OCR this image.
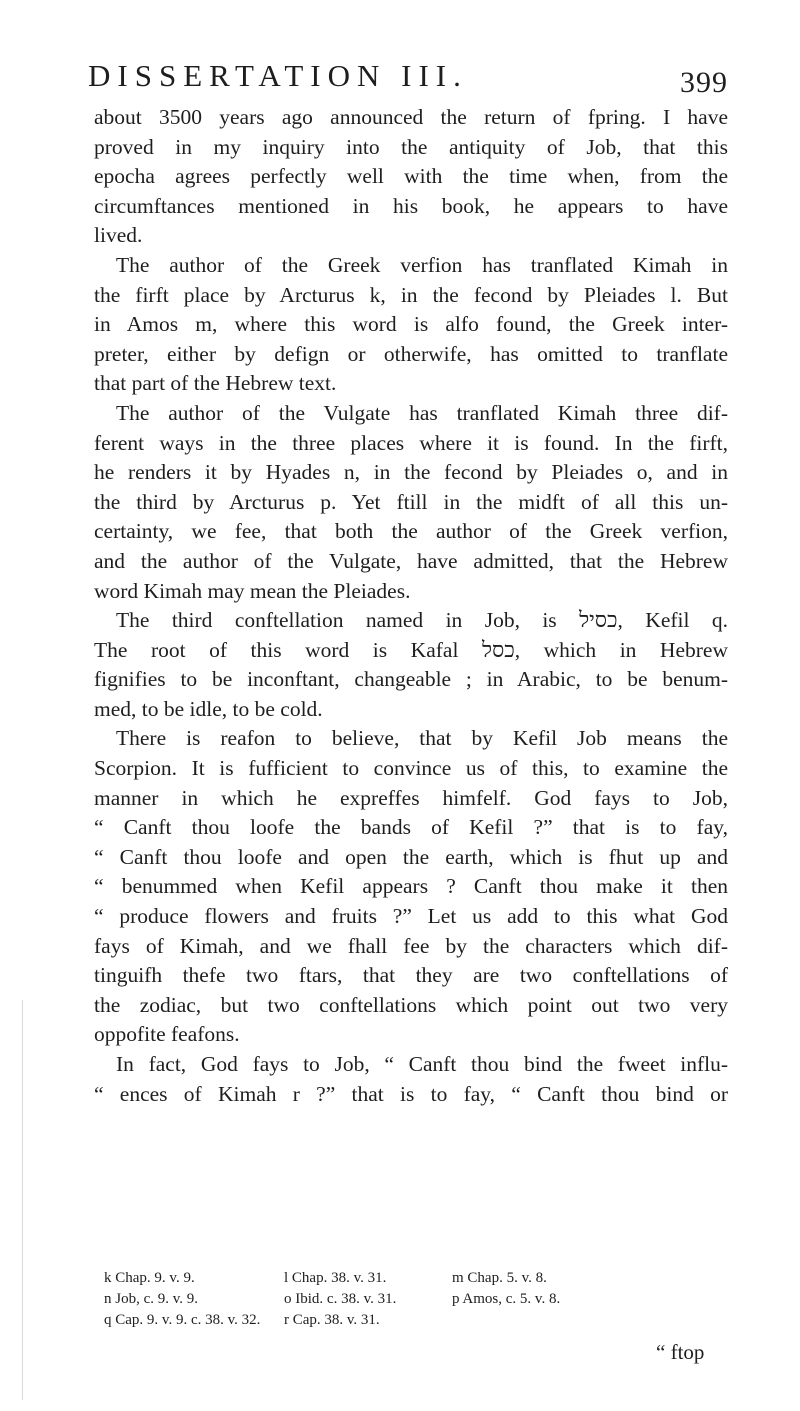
DISSERTATION III.	399
about 3500 years ago announced the return of fpring. I have
proved in my inquiry into the antiquity of Job, that this
epocha agrees perfectly well with the time when, from the
circumftances mentioned in his book, he appears to have
lived.
The author of the Greek verfion has tranflated Kimah in
the firft place by Arcturus k, in the fecond by Pleiades l. But
in Amos m, where this word is alfo found, the Greek inter-
preter, either by defign or otherwife, has omitted to tranflate
that part of the Hebrew text.
The author of the Vulgate has tranflated Kimah three dif-
ferent ways in the three places where it is found. In the firft,
he renders it by Hyades n, in the fecond by Pleiades o, and in
the third by Arcturus p. Yet ftill in the midft of all this un-
certainty, we fee, that both the author of the Greek verfion,
and the author of the Vulgate, have admitted, that the Hebrew
word Kimah may mean the Pleiades.
The third conftellation named in Job, is כסיל, Kefil q.
The root of this word is Kafal כסל, which in Hebrew
fignifies to be inconftant, changeable ; in Arabic, to be benum-
med, to be idle, to be cold.
There is reafon to believe, that by Kefil Job means the
Scorpion. It is fufficient to convince us of this, to examine the
manner in which he expreffes himfelf. God fays to Job,
“ Canft thou loofe the bands of Kefil ?” that is to fay,
“ Canft thou loofe and open the earth, which is fhut up and
“ benummed when Kefil appears ? Canft thou make it then
“ produce flowers and fruits ?” Let us add to this what God
fays of Kimah, and we fhall fee by the characters which dif-
tinguifh thefe two ftars, that they are two conftellations of
the zodiac, but two conftellations which point out two very
oppofite feafons.
In fact, God fays to Job, “ Canft thou bind the fweet influ-
“ ences of Kimah r ?” that is to fay, “ Canft thou bind or
k Chap. 9. v. 9.	l Chap. 38. v. 31.	m Chap. 5. v. 8.
n Job, c. 9. v. 9.	o Ibid. c. 38. v. 31.	p Amos, c. 5. v. 8.
q Cap. 9. v. 9. c. 38. v. 32. r Cap. 38. v. 31.
“ ftop
